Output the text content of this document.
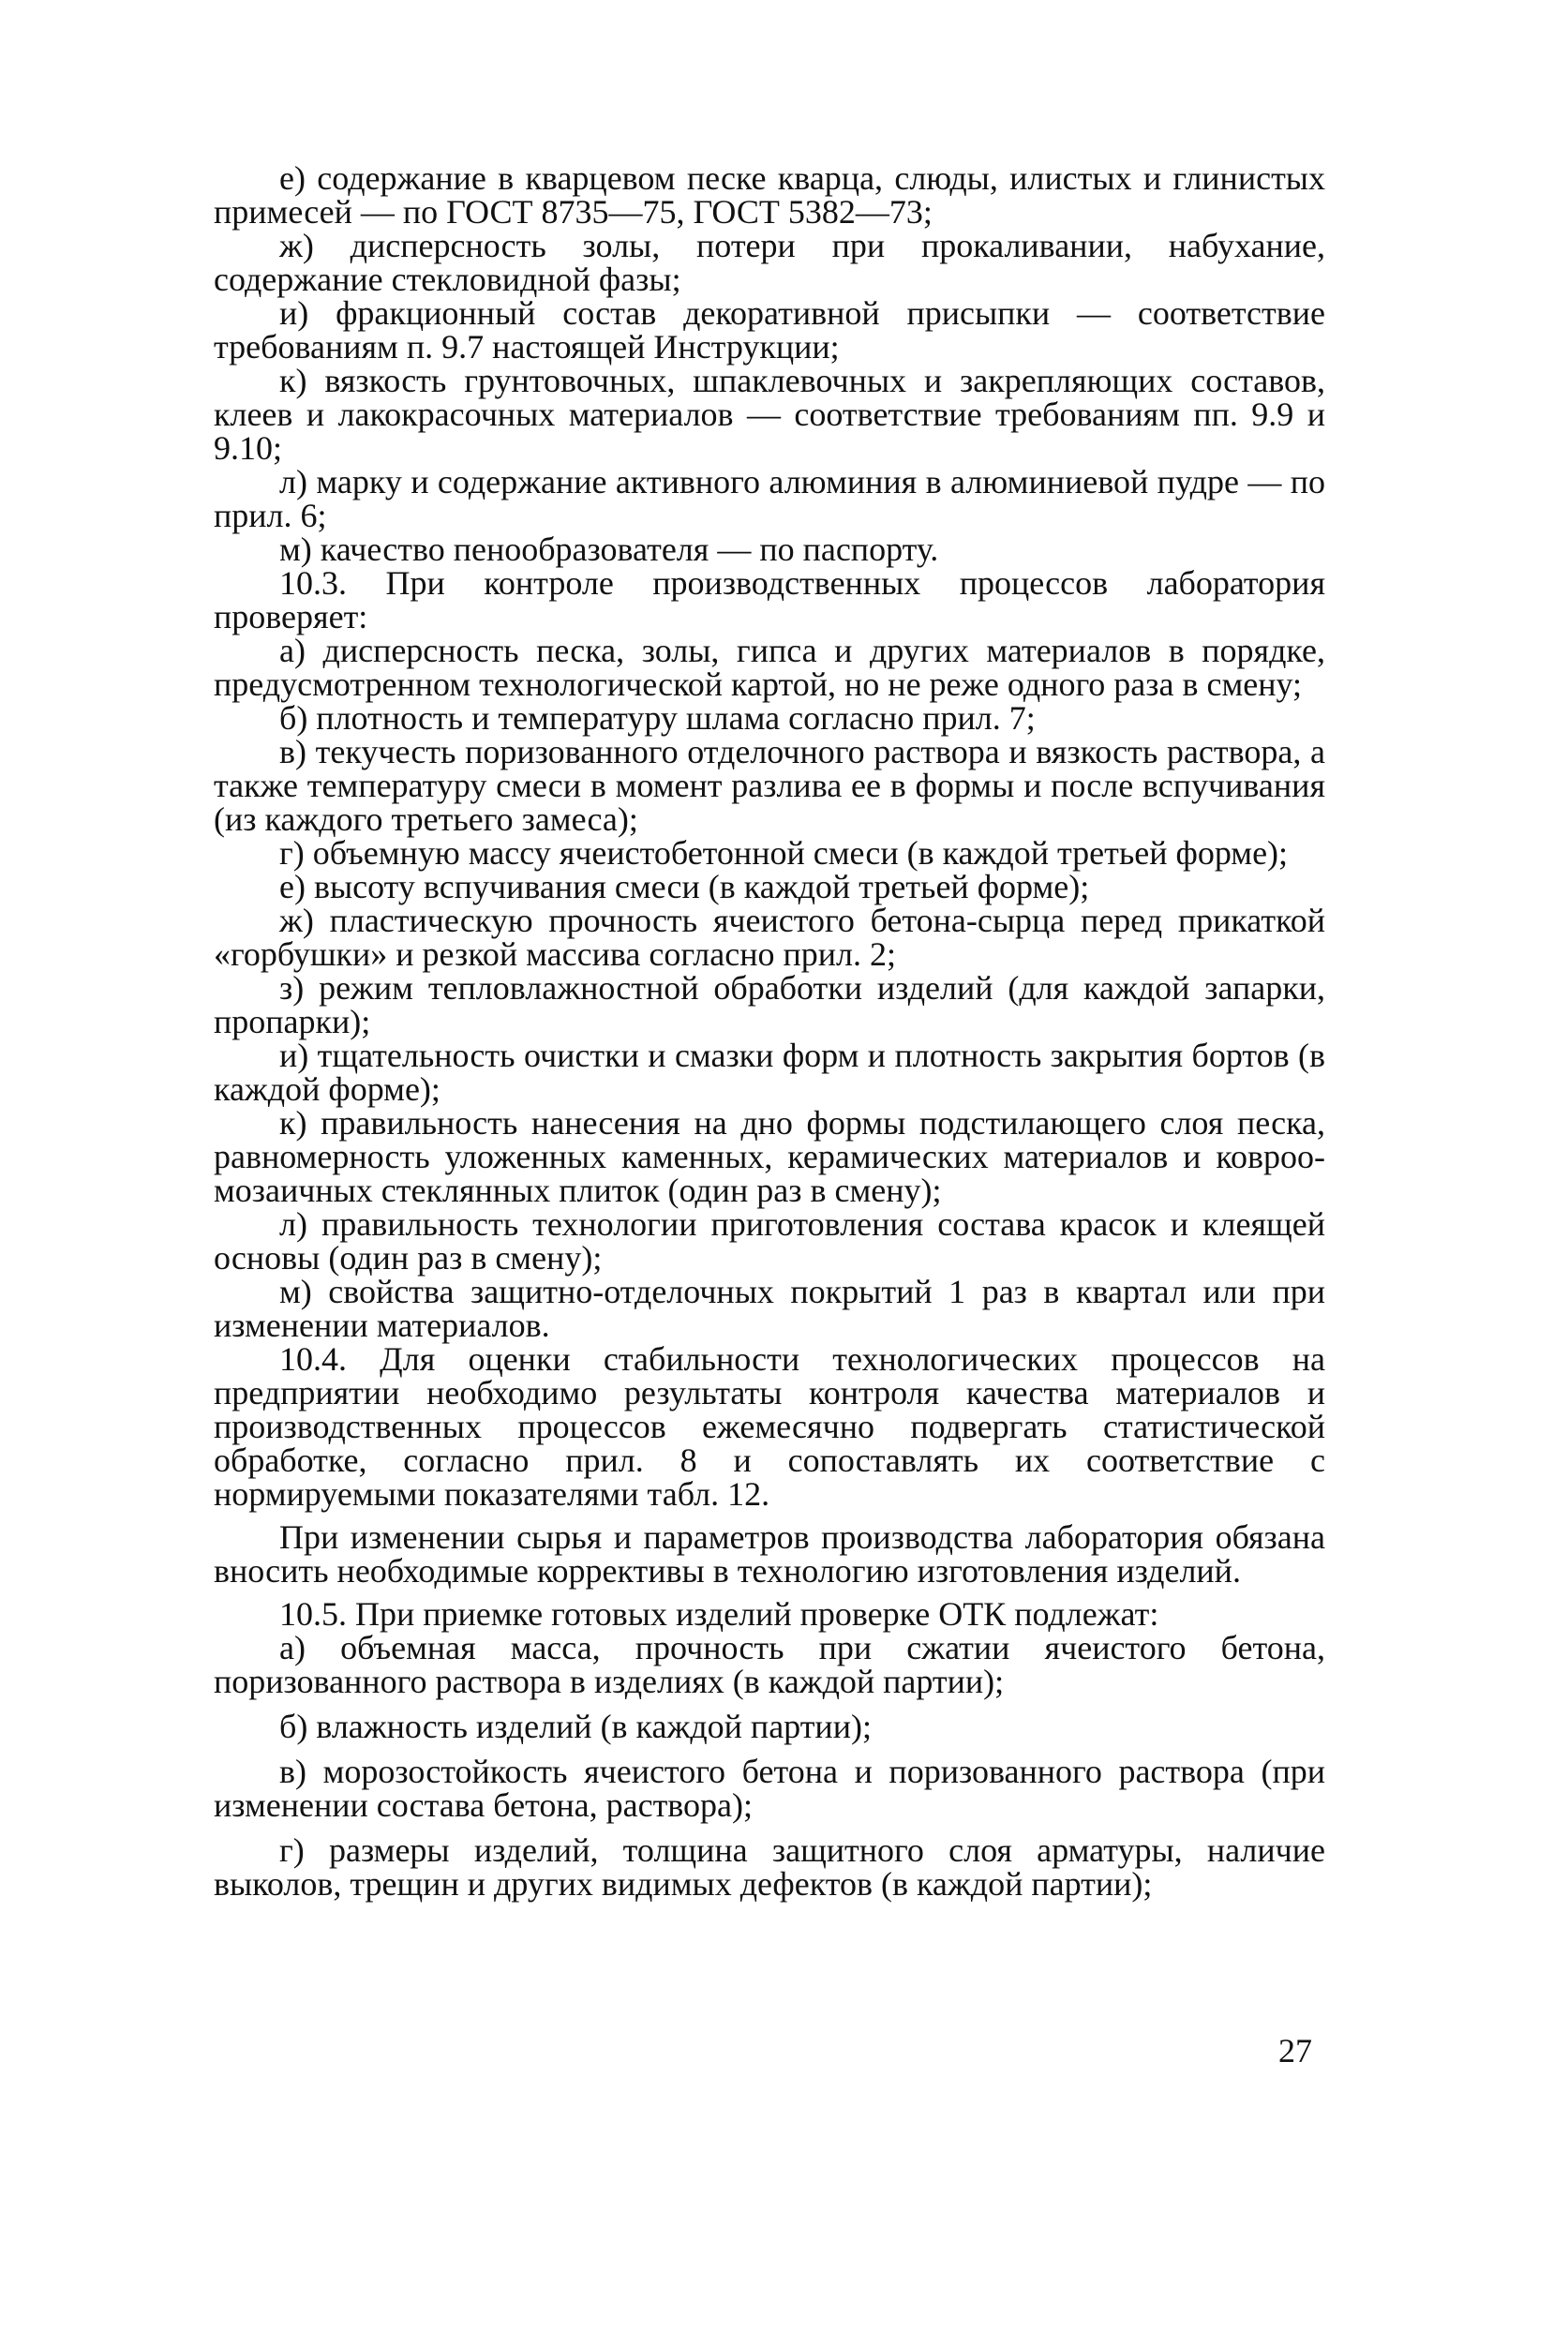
е) содержание в кварцевом песке кварца, слюды, илистых и глинистых примесей — по ГОСТ 8735—75, ГОСТ 5382—73;

ж) дисперсность золы, потери при прокаливании, набухание, содержание стекловидной фазы;

и) фракционный состав декоративной присыпки — соответствие требованиям п. 9.7 настоящей Инструкции;

к) вязкость грунтовочных, шпаклевочных и закрепляющих составов, клеев и лакокрасочных материалов — соответствие требованиям пп. 9.9 и 9.10;

л) марку и содержание активного алюминия в алюминиевой пудре — по прил. 6;

м) качество пенообразователя — по паспорту.

10.3. При контроле производственных процессов лаборатория проверяет:

а) дисперсность песка, золы, гипса и других материалов в порядке, предусмотренном технологической картой, но не реже одного раза в смену;

б) плотность и температуру шлама согласно прил. 7;

в) текучесть поризованного отделочного раствора и вязкость раствора, а также температуру смеси в момент разлива ее в формы и после вспучивания (из каждого третьего замеса);

г) объемную массу ячеистобетонной смеси (в каждой третьей форме);

е) высоту вспучивания смеси (в каждой третьей форме);

ж) пластическую прочность ячеистого бетона-сырца перед прикаткой «горбушки» и резкой массива согласно прил. 2;

з) режим тепловлажностной обработки изделий (для каждой запарки, пропарки);

и) тщательность очистки и смазки форм и плотность закрытия бортов (в каждой форме);

к) правильность нанесения на дно формы подстилающего слоя песка, равномерность уложенных каменных, керамических материалов и ковроо-мозаичных стеклянных плиток (один раз в смену);

л) правильность технологии приготовления состава красок и клеящей основы (один раз в смену);

м) свойства защитно-отделочных покрытий 1 раз в квартал или при изменении материалов.

10.4. Для оценки стабильности технологических процессов на предприятии необходимо результаты контроля качества материалов и производственных процессов ежемесячно подвергать статистической обработке, согласно прил. 8 и сопоставлять их соответствие с нормируемыми показателями табл. 12.

При изменении сырья и параметров производства лаборатория обязана вносить необходимые коррективы в технологию изготовления изделий.

10.5. При приемке готовых изделий проверке ОТК подлежат:

а) объемная масса, прочность при сжатии ячеистого бетона, поризованного раствора в изделиях (в каждой партии);

б) влажность изделий (в каждой партии);

в) морозостойкость ячеистого бетона и поризованного раствора (при изменении состава бетона, раствора);

г) размеры изделий, толщина защитного слоя арматуры, наличие выколов, трещин и других видимых дефектов (в каждой партии);

27
